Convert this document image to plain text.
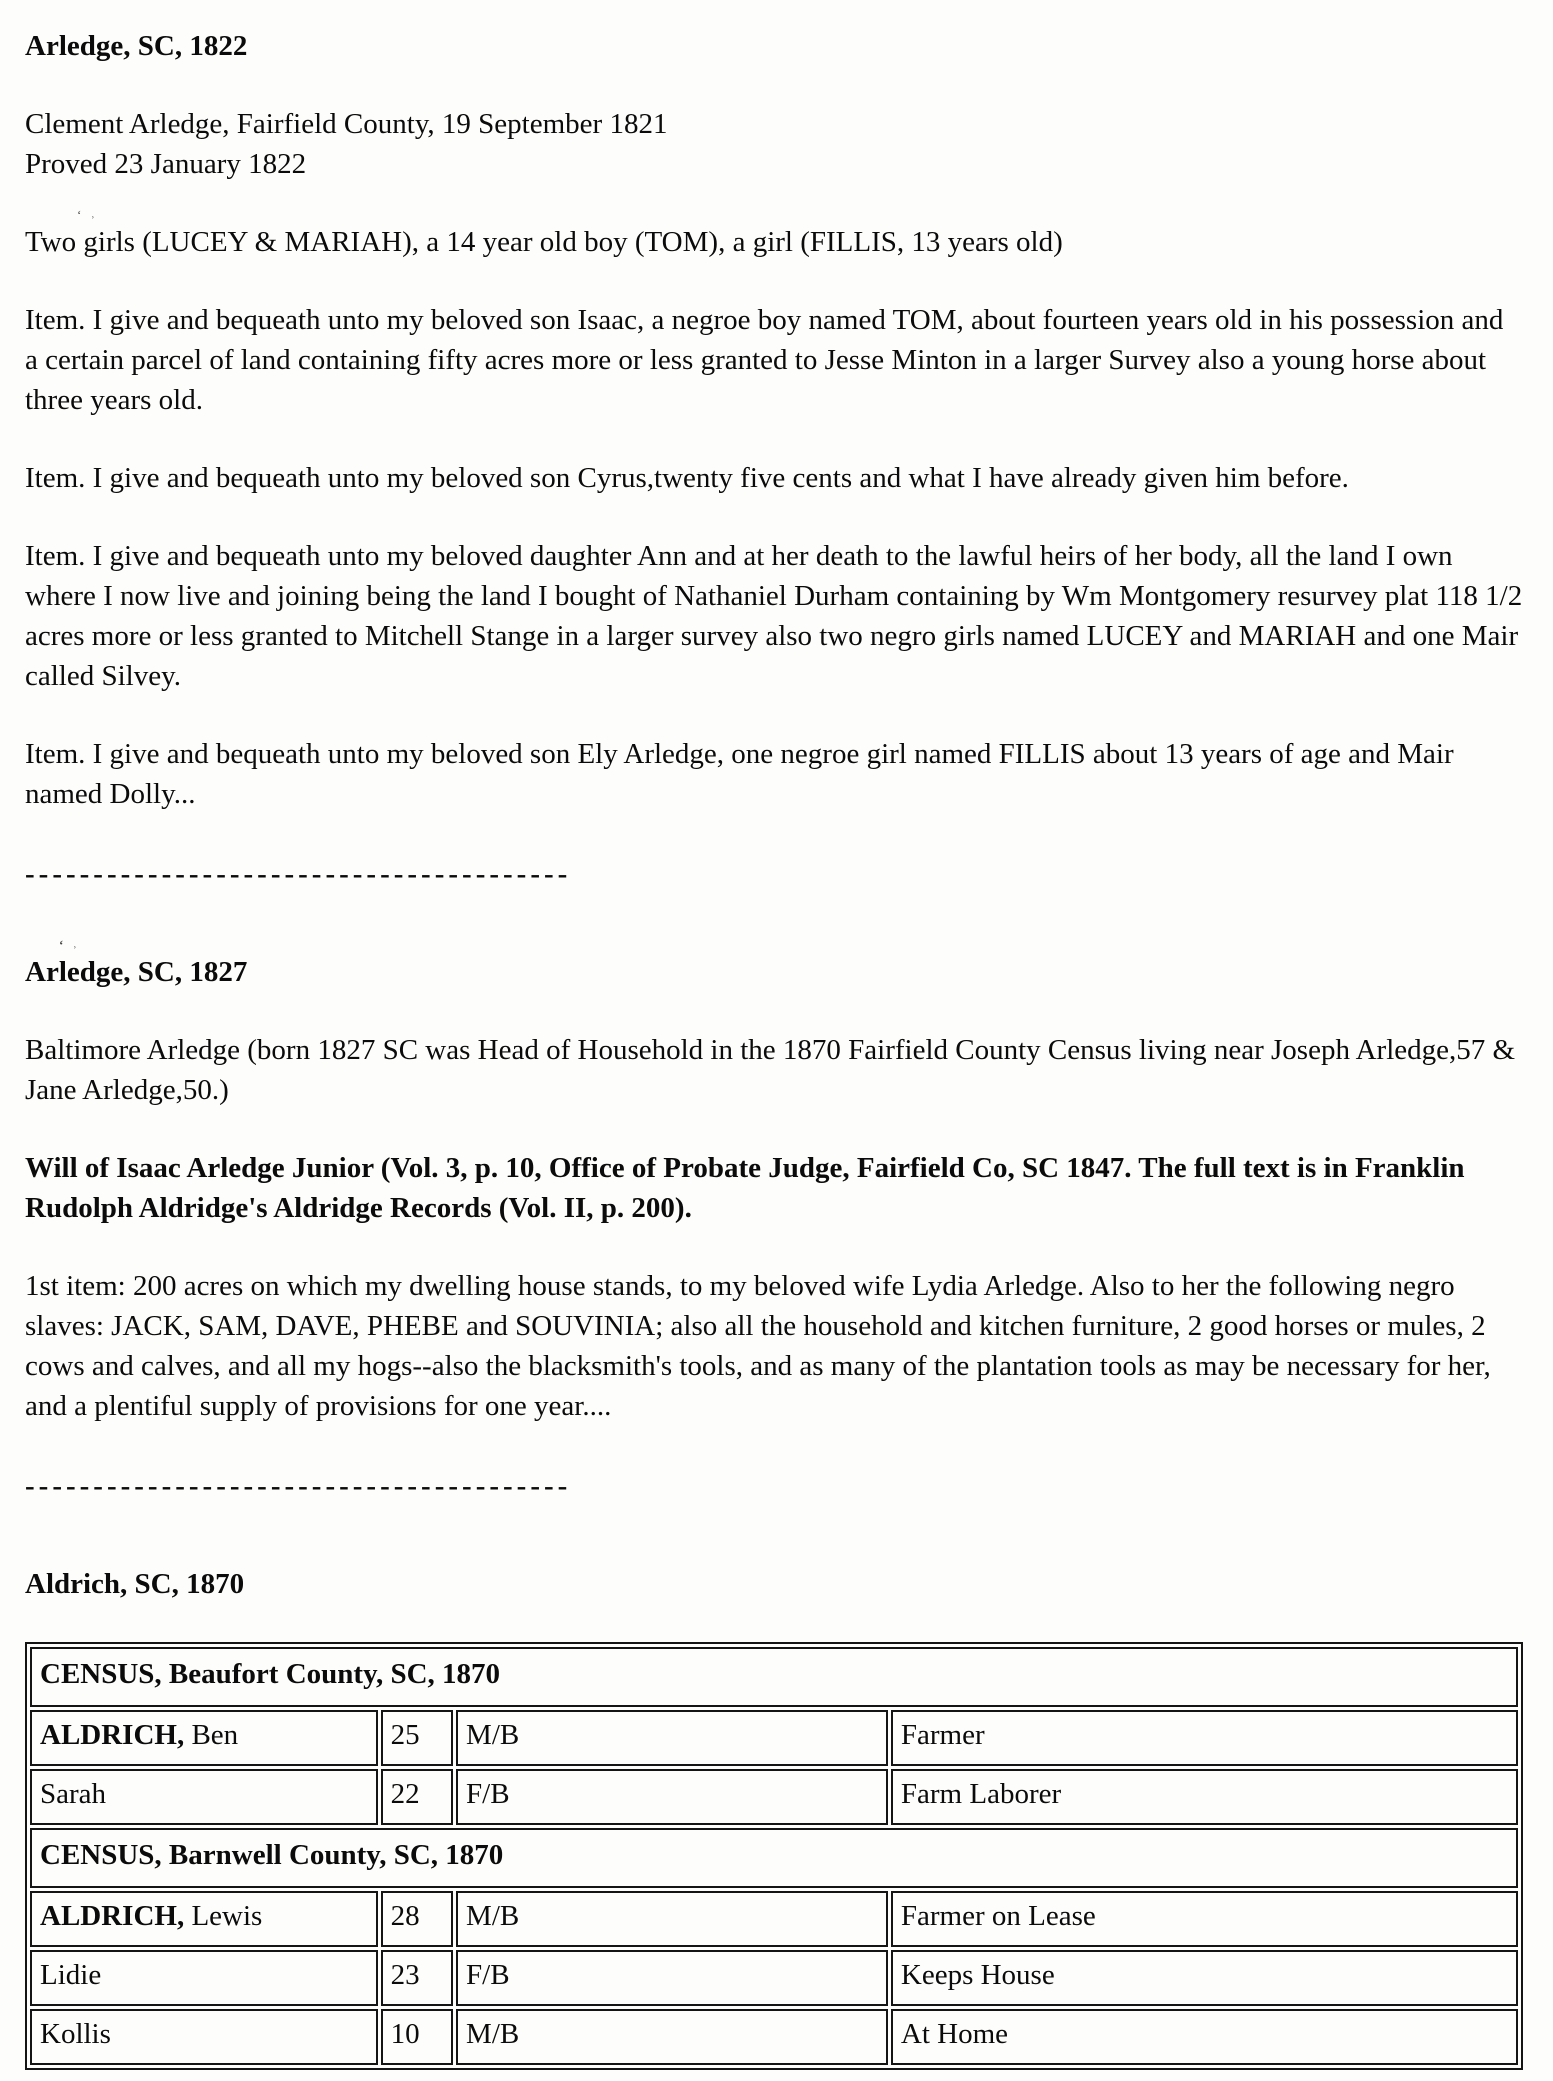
Arledge, SC, 1822

Clement Arledge, Fairfield County, 19 September 1821
Proved 23 January 1822

ʻ ˒
Two girls (LUCEY & MARIAH), a 14 year old boy (TOM), a girl (FILLIS, 13 years old)

Item. I give and bequeath unto my beloved son Isaac, a negroe boy named TOM, about fourteen years old in his possession and a certain parcel of land containing fifty acres more or less granted to Jesse Minton in a larger Survey also a young horse about three years old.

Item. I give and bequeath unto my beloved son Cyrus,twenty five cents and what I have already given him before.

Item. I give and bequeath unto my beloved daughter Ann and at her death to the lawful heirs of her body, all the land I own where I now live and joining being the land I bought of Nathaniel Durham containing by Wm Montgomery resurvey plat 118 1/2 acres more or less granted to Mitchell Stange in a larger survey also two negro girls named LUCEY and MARIAH and one Mair called Silvey.

Item. I give and bequeath unto my beloved son Ely Arledge, one negroe girl named FILLIS about 13 years of age and Mair named Dolly...

----------------------------------------

ʻ ˒
Arledge, SC, 1827

Baltimore Arledge (born 1827 SC was Head of Household in the 1870 Fairfield County Census living near Joseph Arledge,57 & Jane Arledge,50.)

Will of Isaac Arledge Junior (Vol. 3, p. 10, Office of Probate Judge, Fairfield Co, SC 1847. The full text is in Franklin Rudolph Aldridge's Aldridge Records (Vol. II, p. 200).

1st item: 200 acres on which my dwelling house stands, to my beloved wife Lydia Arledge. Also to her the following negro slaves: JACK, SAM, DAVE, PHEBE and SOUVINIA; also all the household and kitchen furniture, 2 good horses or mules, 2 cows and calves, and all my hogs--also the blacksmith's tools, and as many of the plantation tools as may be necessary for her, and a plentiful supply of provisions for one year....

----------------------------------------

Aldrich, SC, 1870
CENSUS, Beaufort County, SC, 1870			
ALDRICH, Ben	25	M/B	Farmer
Sarah	22	F/B	Farm Laborer
CENSUS, Barnwell County, SC, 1870			
ALDRICH, Lewis	28	M/B	Farmer on Lease
Lidie	23	F/B	Keeps House
Kollis	10	M/B	At Home
